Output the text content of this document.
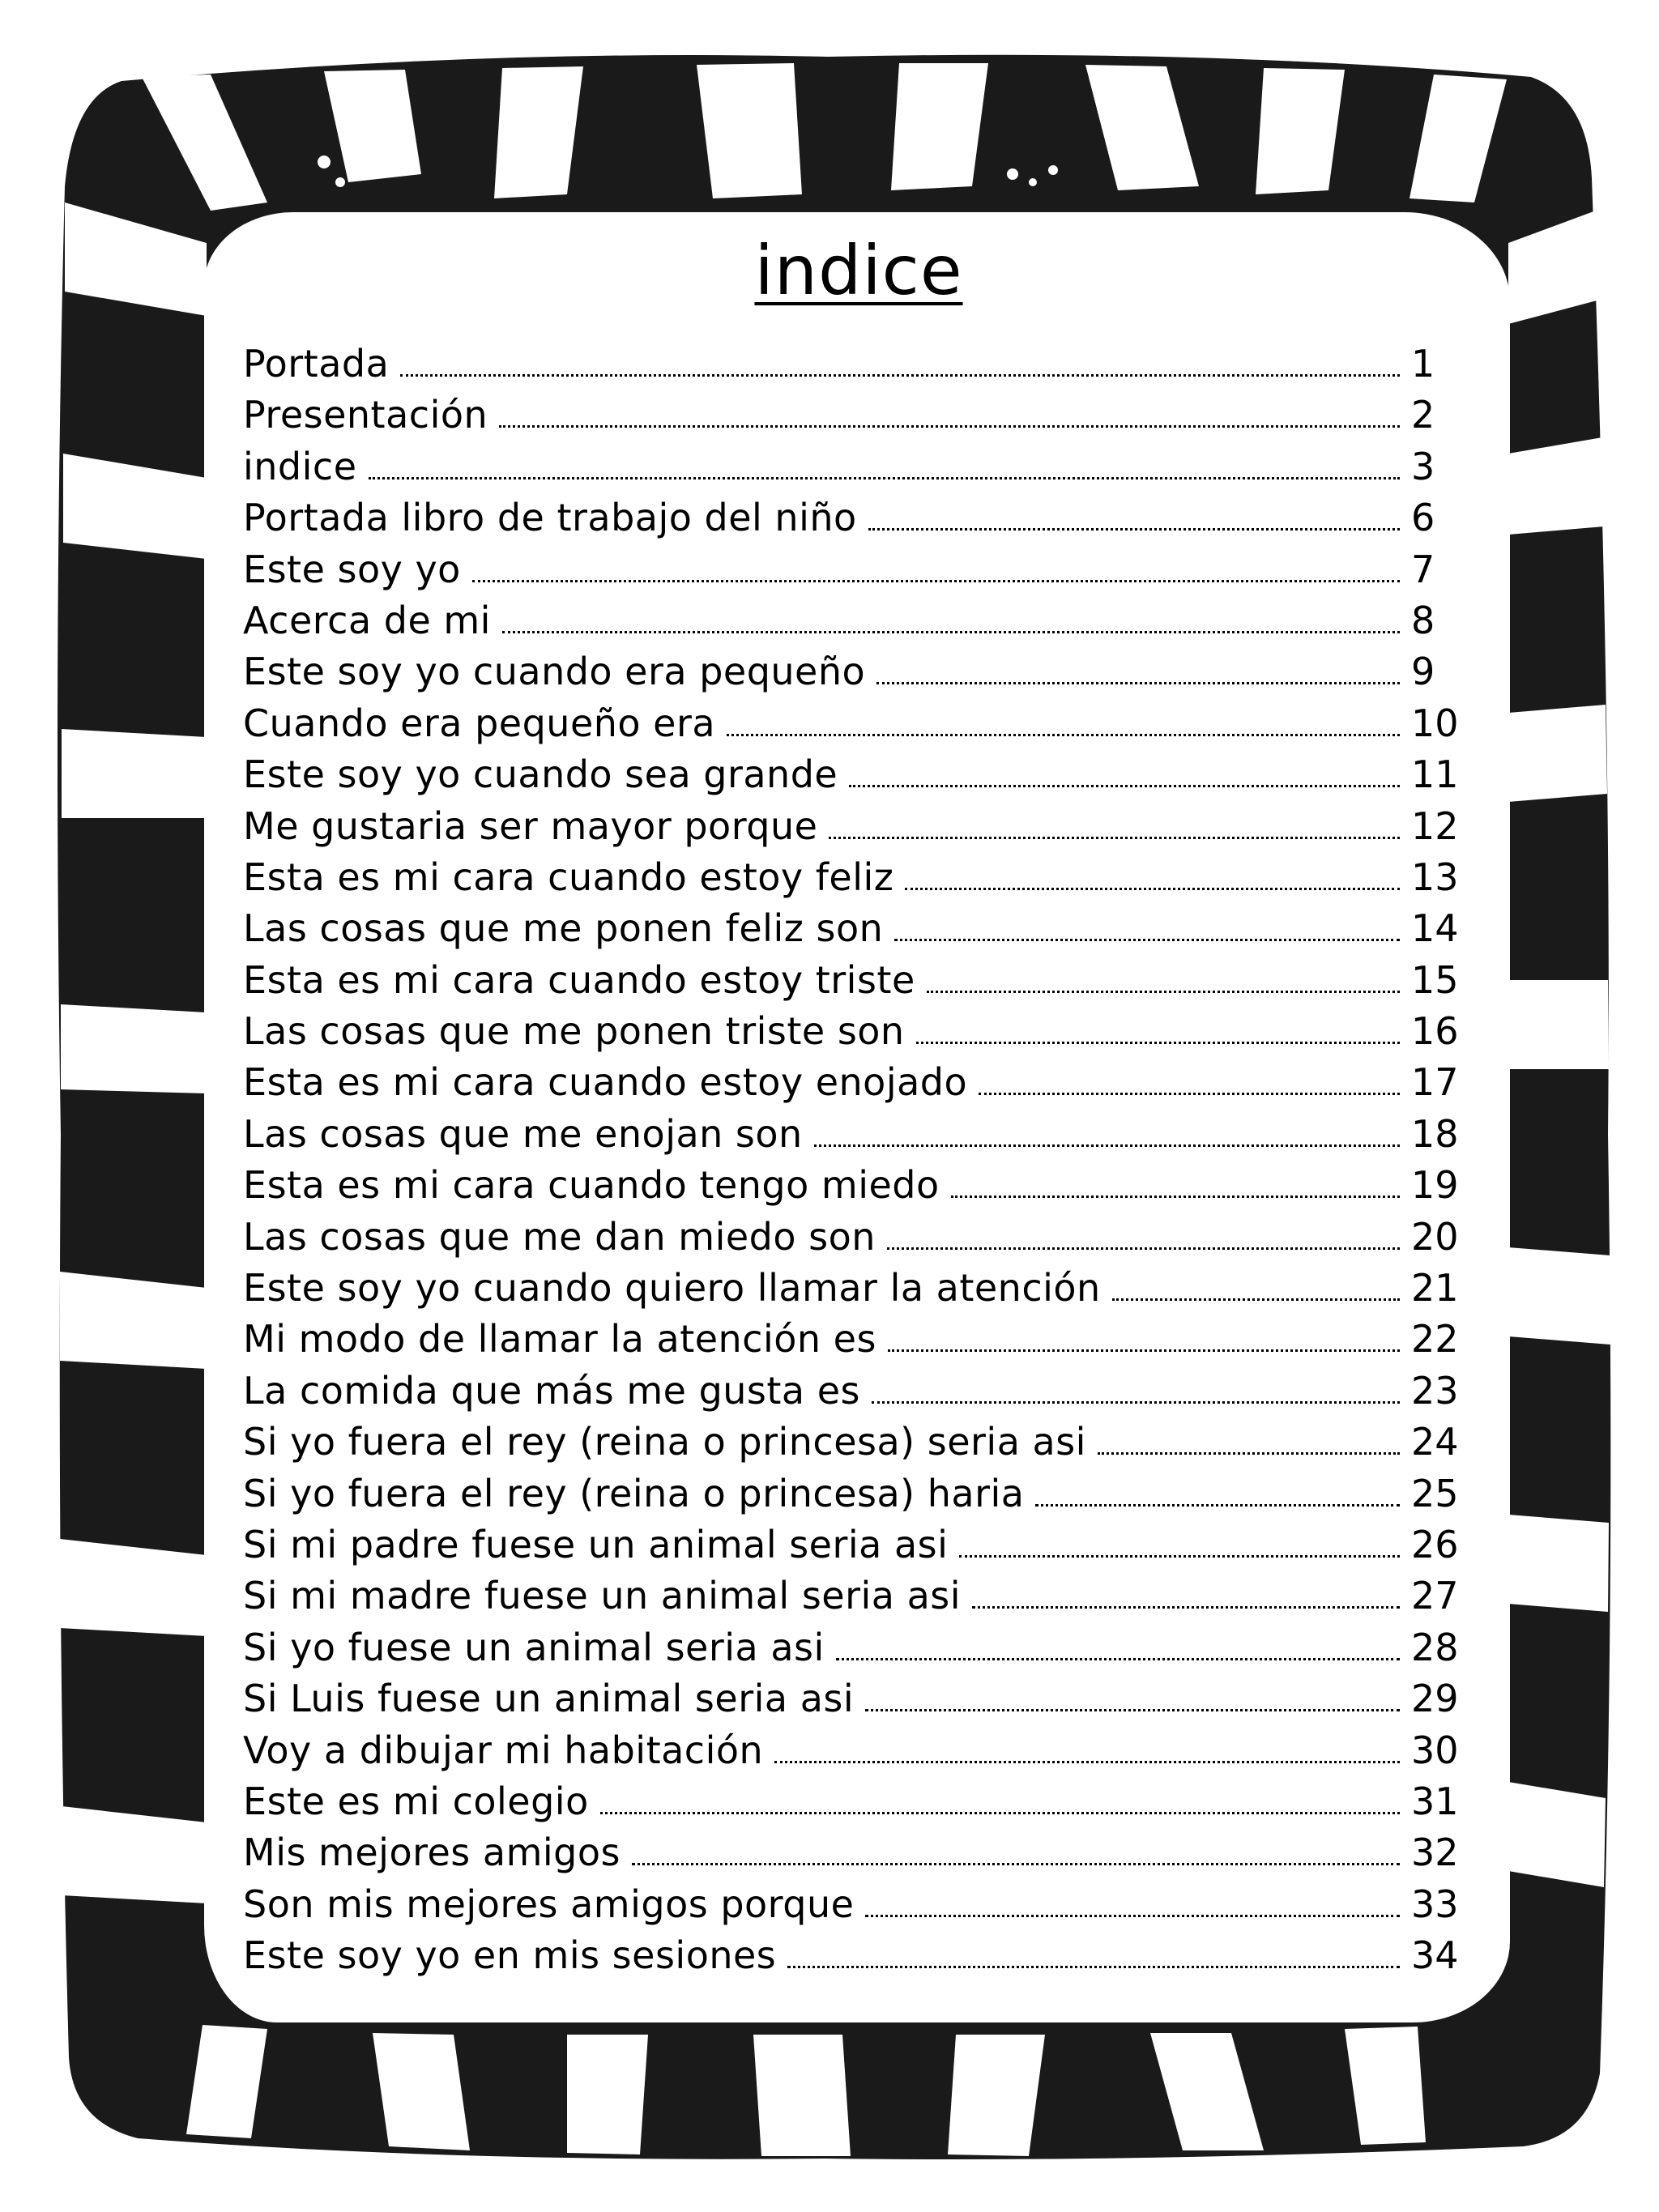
indice
Portada	1
Presentación	2
indice	3
Portada libro de trabajo del niño	6
Este soy yo	7
Acerca de mi	8
Este soy yo cuando era pequeño	9
Cuando era pequeño era	10
Este soy yo cuando sea grande	11
Me gustaria ser mayor porque	12
Esta es mi cara cuando estoy feliz	13
Las cosas que me ponen feliz son	14
Esta es mi cara cuando estoy triste	15
Las cosas que me ponen triste son	16
Esta es mi cara cuando estoy enojado	17
Las cosas que me enojan son	18
Esta es mi cara cuando tengo miedo	19
Las cosas que me dan miedo son	20
Este soy yo cuando quiero llamar la atención	21
Mi modo de llamar la atención es	22
La comida que más me gusta es	23
Si yo fuera el rey (reina o princesa) seria asi	24
Si yo fuera el rey (reina o princesa) haria	25
Si mi padre fuese un animal seria asi	26
Si mi madre fuese un animal seria asi	27
Si yo fuese un animal seria asi	28
Si Luis fuese un animal seria asi	29
Voy a dibujar mi habitación	30
Este es mi colegio	31
Mis mejores amigos	32
Son mis mejores amigos porque	33
Este soy yo en mis sesiones	34
